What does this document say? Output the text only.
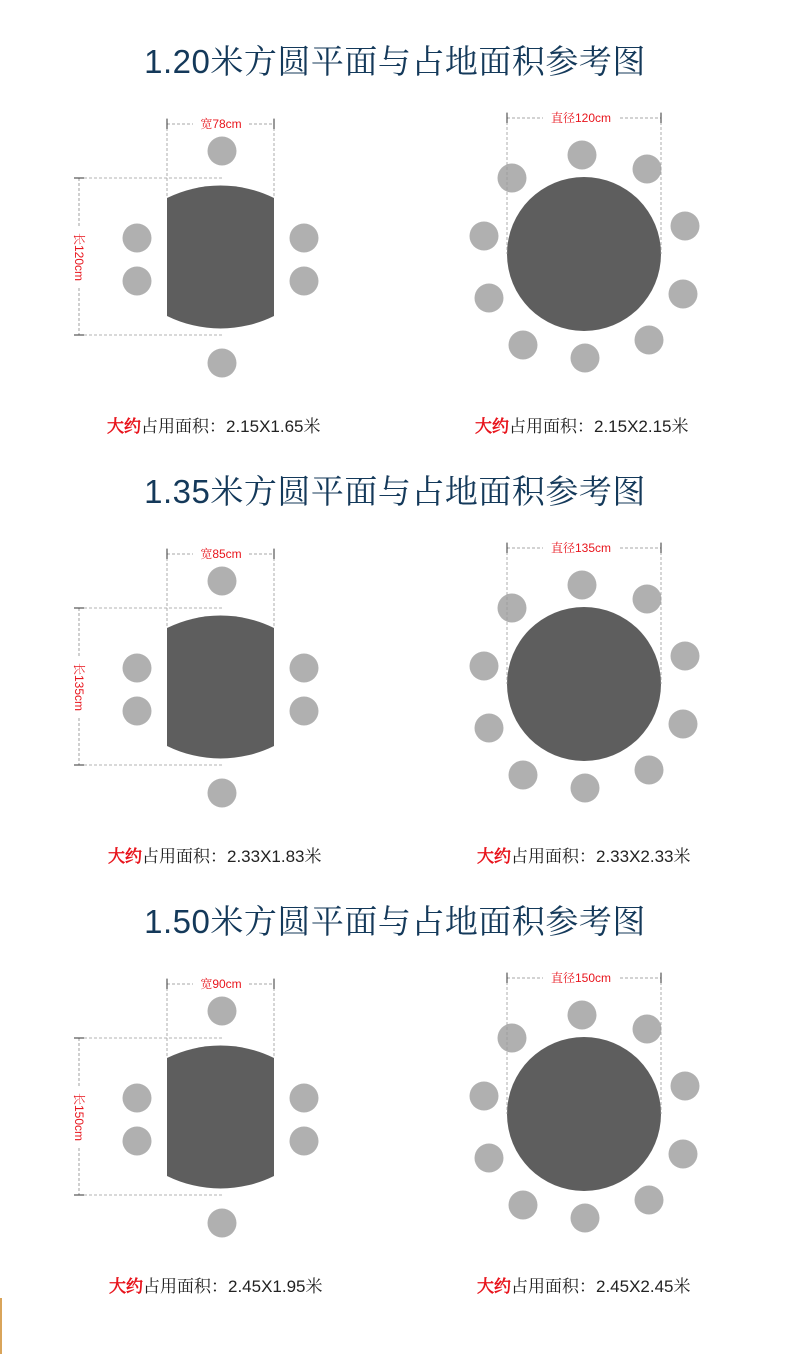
1.20米方圆平面与占地面积参考图
宽78cm
长120cm
直径120cm
大约占用面积：2.15X1.65米	大约占用面积：2.15X2.15米
1.35米方圆平面与占地面积参考图
宽85cm
长135cm
直径135cm
大约占用面积：2.33X1.83米	大约占用面积：2.33X2.33米
1.50米方圆平面与占地面积参考图
宽90cm
长150cm
直径150cm
大约占用面积：2.45X1.95米	大约占用面积：2.45X2.45米
